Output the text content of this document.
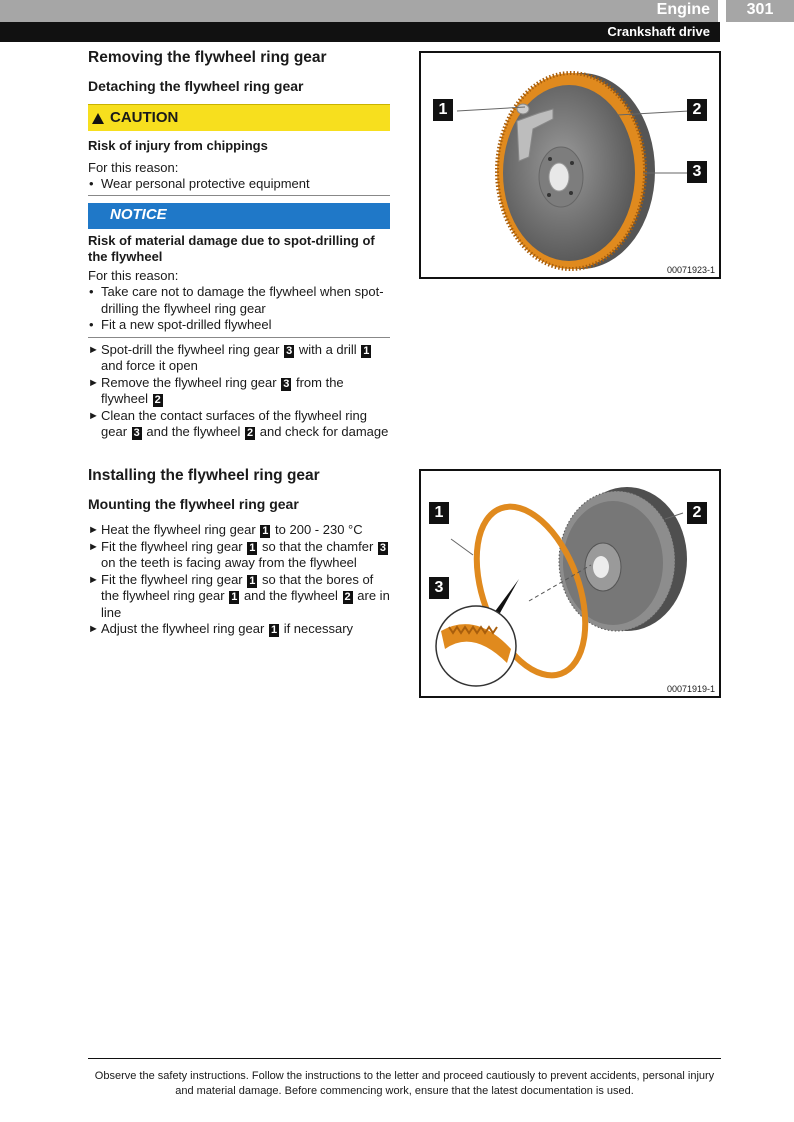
Engine	301
Crankshaft drive
Removing the flywheel ring gear
Detaching the flywheel ring gear
CAUTION
Risk of injury from chippings
For this reason:
• Wear personal protective equipment
NOTICE
Risk of material damage due to spot-drilling of the flywheel
For this reason:
• Take care not to damage the flywheel when spot-drilling the flywheel ring gear
• Fit a new spot-drilled flywheel
► Spot-drill the flywheel ring gear 3 with a drill 1 and force it open
► Remove the flywheel ring gear 3 from the flywheel 2
► Clean the contact surfaces of the flywheel ring gear 3 and the flywheel 2 and check for damage
Installing the flywheel ring gear
Mounting the flywheel ring gear
► Heat the flywheel ring gear 1 to 200 - 230 °C
► Fit the flywheel ring gear 1 so that the chamfer 3 on the teeth is facing away from the flywheel
► Fit the flywheel ring gear 1 so that the bores of the flywheel ring gear 1 and the flywheel 2 are in line
► Adjust the flywheel ring gear 1 if necessary
1	2
3
00071923-1
1	2
3
00071919-1
Observe the safety instructions. Follow the instructions to the letter and proceed cautiously to prevent accidents, personal injury and material damage. Before commencing work, ensure that the latest documentation is used.
